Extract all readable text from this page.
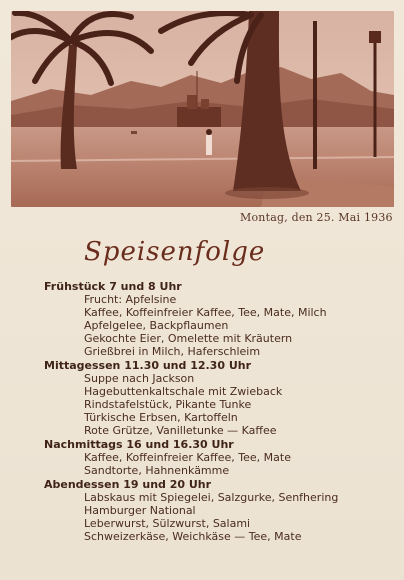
Montag, den 25. Mai 1936
Speisenfolge
Frühstück 7 und 8 Uhr
Frucht: Apfelsine
Kaffee, Koffeinfreier Kaffee, Tee, Mate, Milch
Apfelgelee, Backpflaumen
Gekochte Eier, Omelette mit Kräutern
Grießbrei in Milch, Haferschleim
Mittagessen 11.30 und 12.30 Uhr
Suppe nach Jackson
Hagebuttenkaltschale mit Zwieback
Rindstafelstück, Pikante Tunke
Türkische Erbsen, Kartoffeln
Rote Grütze, Vanilletunke — Kaffee
Nachmittags 16 und 16.30 Uhr
Kaffee, Koffeinfreier Kaffee, Tee, Mate
Sandtorte, Hahnenkämme
Abendessen 19 und 20 Uhr
Labskaus mit Spiegelei, Salzgurke, Senfhering
Hamburger National
Leberwurst, Sülzwurst, Salami
Schweizerkäse, Weichkäse — Tee, Mate
